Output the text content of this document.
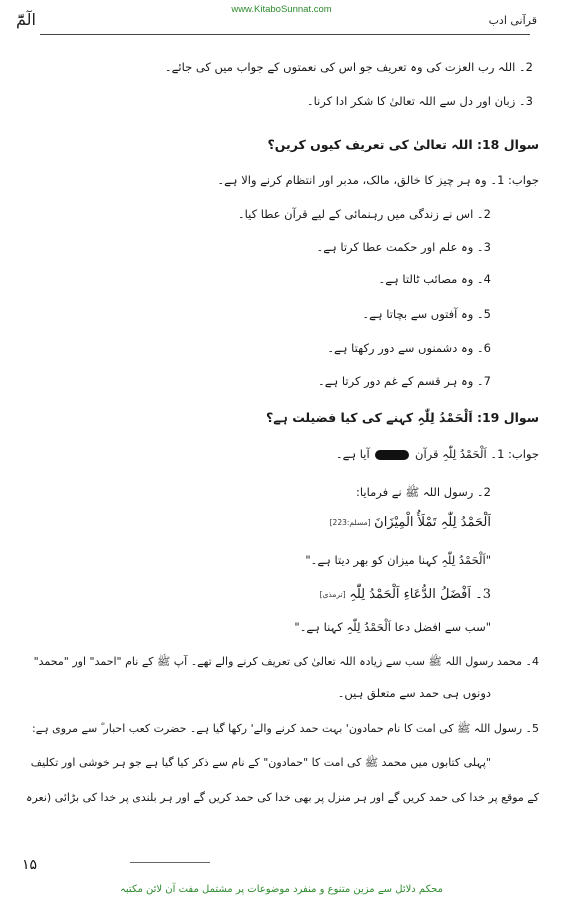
www.KitaboSunnat.com
الٓمّٓ	قرآنی ادب
2۔ اللہ رب العزت کی وہ تعریف جو اس کی نعمتوں کے جواب میں کی جائے۔
3۔ زبان اور دل سے اللہ تعالیٰ کا شکر ادا کرنا۔
سوال 18: اللہ تعالیٰ کی تعریف کیوں کریں؟
جواب: 1۔ وہ ہر چیز کا خالق، مالک، مدبر اور انتظام کرنے والا ہے۔
2۔ اس نے زندگی میں رہنمائی کے لیے قرآن عطا کیا۔
3۔ وہ علم اور حکمت عطا کرتا ہے۔
4۔ وہ مصائب ٹالتا ہے۔
5۔ وہ آفتوں سے بچاتا ہے۔
6۔ وہ دشمنوں سے دور رکھتا ہے۔
7۔ وہ ہر قسم کے غم دور کرتا ہے۔
سوال 19: اَلْحَمْدُ لِلّٰہِ کہنے کی کیا فضیلت ہے؟
جواب: 1۔ اَلْحَمْدُ لِلّٰہِ قرآن  آیا ہے۔
2۔ رسول اللہ ﷺ نے فرمایا:
اَلْحَمْدُ لِلّٰہِ تَمْلَأُ الْمِیْزَانَ [مسلم:223]
"اَلْحَمْدُ لِلّٰہِ کہنا میزان کو بھر دیتا ہے۔"
3۔ اَفْضَلُ الدُّعَاءِ اَلْحَمْدُ لِلّٰہِ [ترمذی]
"سب سے افضل دعا اَلْحَمْدُ لِلّٰہِ کہنا ہے۔"
4۔ محمد رسول اللہ ﷺ سب سے زیادہ اللہ تعالیٰ کی تعریف کرنے والے تھے۔ آپ ﷺ کے نام "احمد" اور "محمد"
دونوں ہی حمد سے متعلق ہیں۔
5۔ رسول اللہ ﷺ کی امت کا نام حمادون' بہت حمد کرنے والے' رکھا گیا ہے۔ حضرت کعب احبار ؓ سے مروی ہے:
"پہلی کتابوں میں محمد ﷺ کی امت کا "حمادون" کے نام سے ذکر کیا گیا ہے جو ہر خوشی اور تکلیف
کے موقع پر خدا کی حمد کریں گے اور ہر منزل پر بھی خدا کی حمد کریں گے اور ہر بلندی پر خدا کی بڑائی (نعرہ
۱۵
محکم دلائل سے مزین متنوع و منفرد موضوعات پر مشتمل مفت آن لائن مکتبہ
